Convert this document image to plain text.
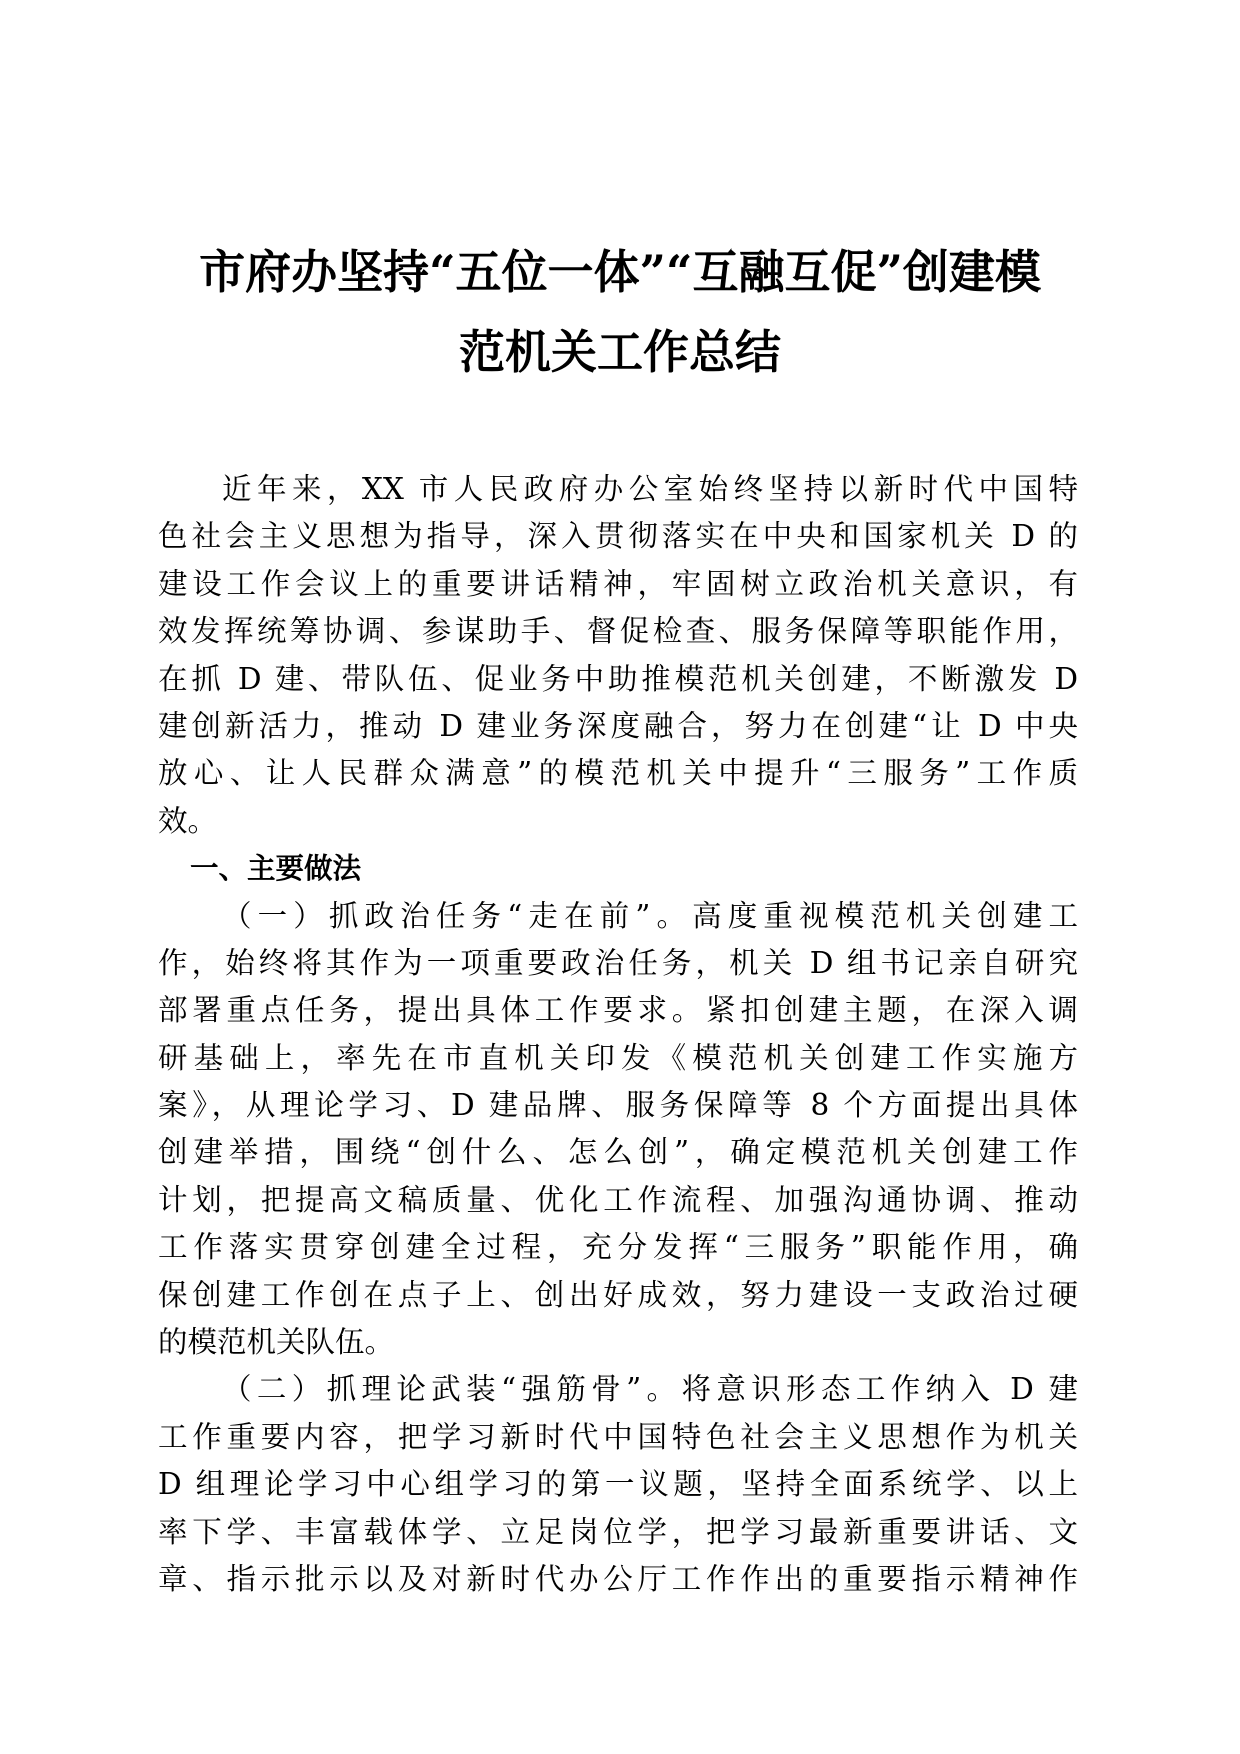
市府办坚持“五位一体”“互融互促”创建模
范机关工作总结
近年来，XX 市人民政府办公室始终坚持以新时代中国特
色社会主义思想为指导，深入贯彻落实在中央和国家机关 D 的
建设工作会议上的重要讲话精神，牢固树立政治机关意识，有
效发挥统筹协调、参谋助手、督促检查、服务保障等职能作用，
在抓 D 建、带队伍、促业务中助推模范机关创建，不断激发 D
建创新活力，推动 D 建业务深度融合，努力在创建“让 D 中央
放心、让人民群众满意”的模范机关中提升“三服务”工作质
效。
一、主要做法
（一）抓政治任务“走在前”。高度重视模范机关创建工
作，始终将其作为一项重要政治任务，机关 D 组书记亲自研究
部署重点任务，提出具体工作要求。紧扣创建主题，在深入调
研基础上，率先在市直机关印发《模范机关创建工作实施方
案》，从理论学习、D 建品牌、服务保障等 8 个方面提出具体
创建举措，围绕“创什么、怎么创”，确定模范机关创建工作
计划，把提高文稿质量、优化工作流程、加强沟通协调、推动
工作落实贯穿创建全过程，充分发挥“三服务”职能作用，确
保创建工作创在点子上、创出好成效，努力建设一支政治过硬
的模范机关队伍。
（二）抓理论武装“强筋骨”。将意识形态工作纳入 D 建
工作重要内容，把学习新时代中国特色社会主义思想作为机关
D 组理论学习中心组学习的第一议题，坚持全面系统学、以上
率下学、丰富载体学、立足岗位学，把学习最新重要讲话、文
章、指示批示以及对新时代办公厅工作作出的重要指示精神作
